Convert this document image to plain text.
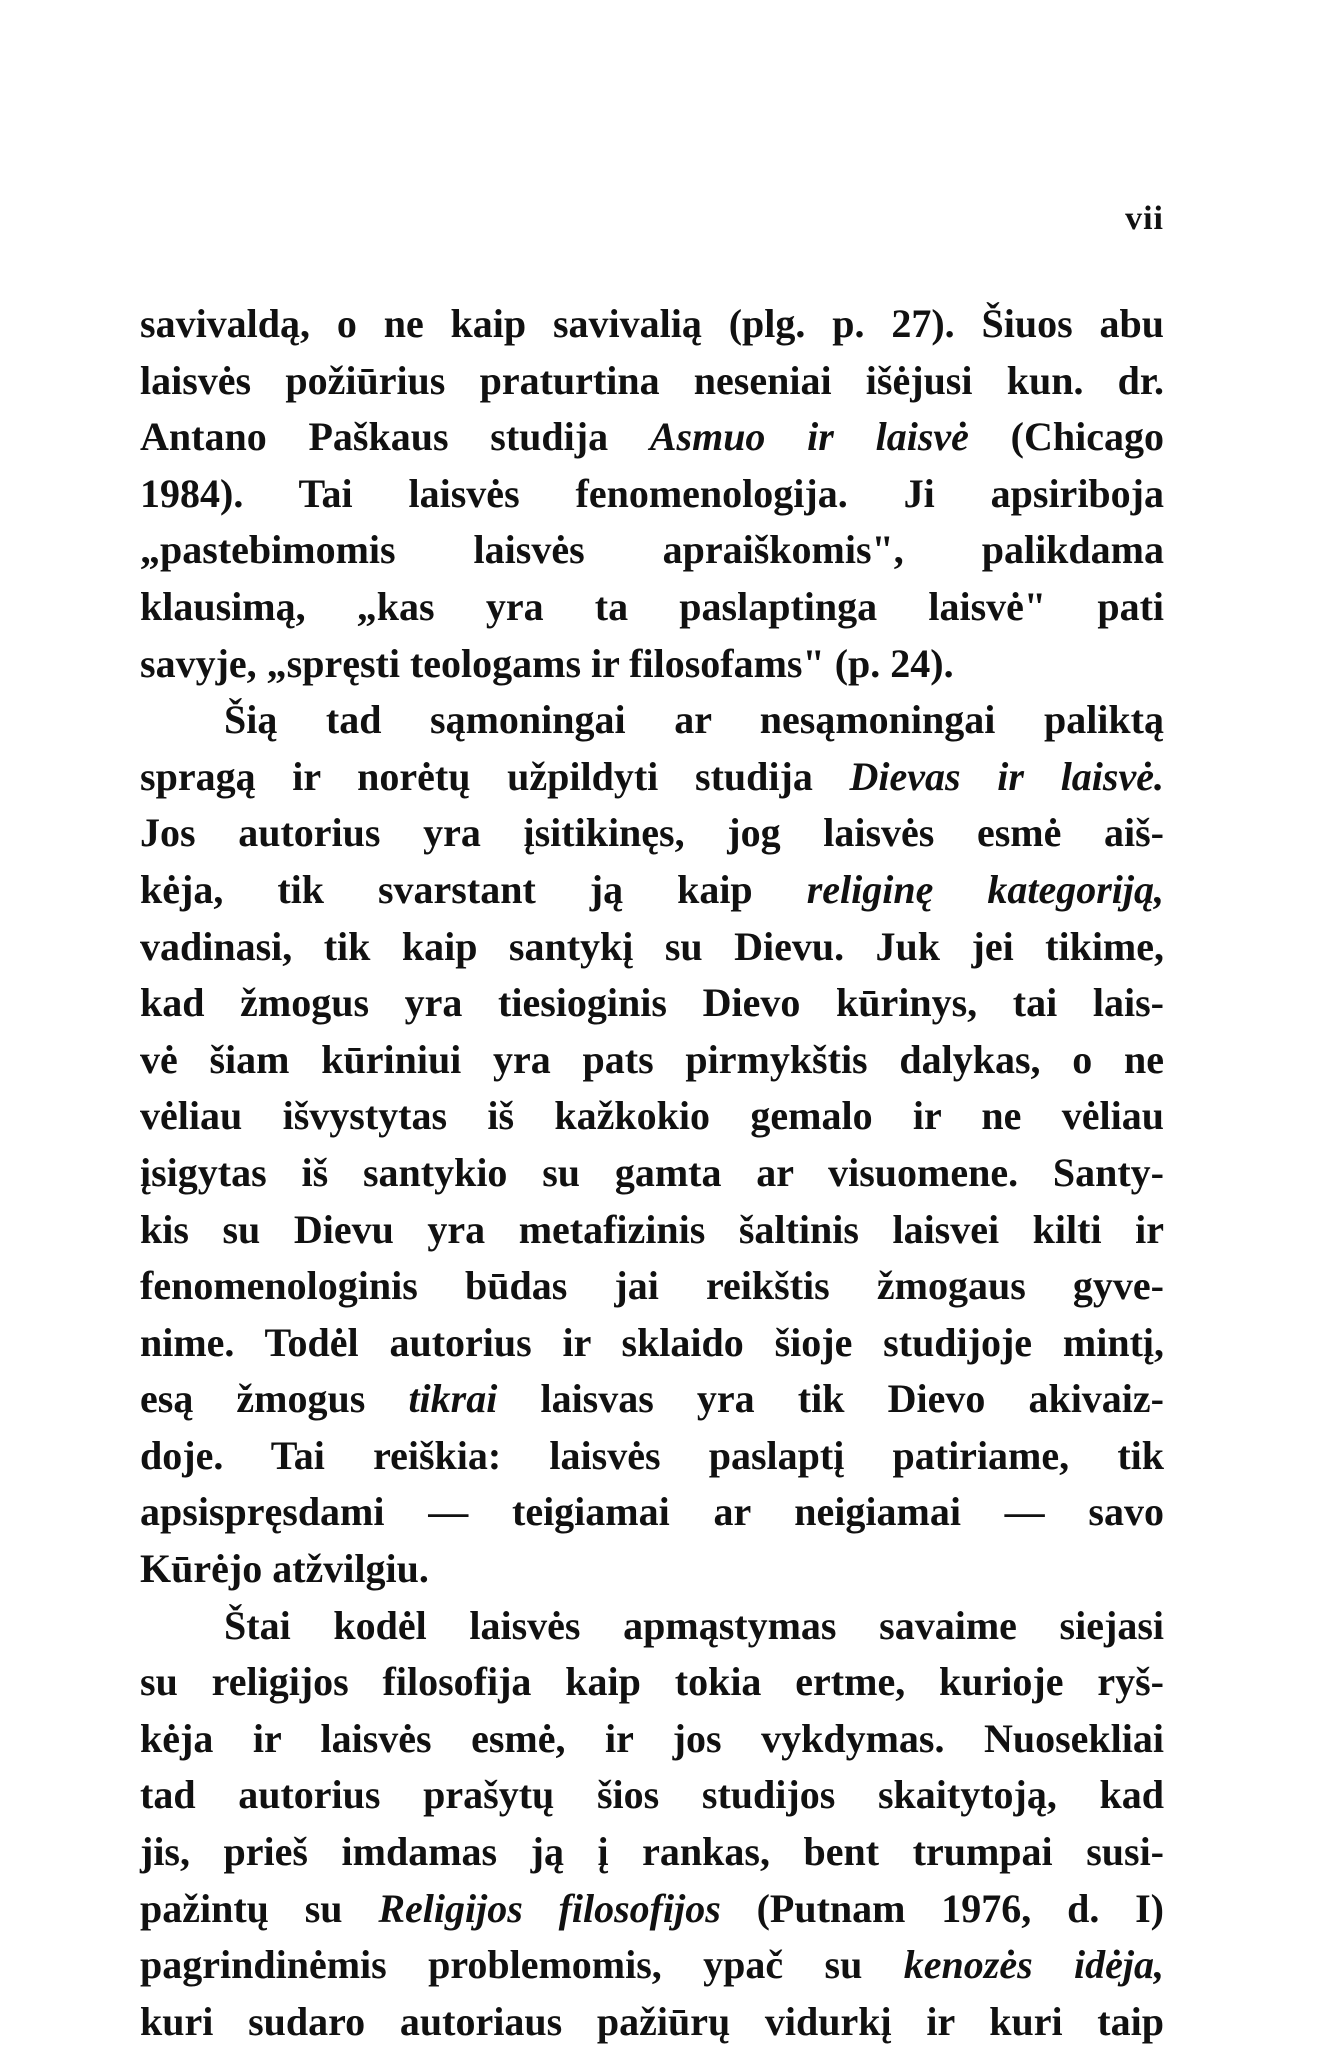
vii
savivaldą, o ne kaip savivalią (plg. p. 27). Šiuos abu
laisvės požiūrius praturtina neseniai išėjusi kun. dr.
Antano Paškaus studija Asmuo ir laisvė (Chicago
1984). Tai laisvės fenomenologija. Ji apsiriboja
„pastebimomis laisvės apraiškomis", palikdama
klausimą, „kas yra ta paslaptinga laisvė" pati
savyje, „spręsti teologams ir filosofams" (p. 24).
Šią tad sąmoningai ar nesąmoningai paliktą
spragą ir norėtų užpildyti studija Dievas ir laisvė.
Jos autorius yra įsitikinęs, jog laisvės esmė aiš-
kėja, tik svarstant ją kaip religinę kategoriją,
vadinasi, tik kaip santykį su Dievu. Juk jei tikime,
kad žmogus yra tiesioginis Dievo kūrinys, tai lais-
vė šiam kūriniui yra pats pirmykštis dalykas, o ne
vėliau išvystytas iš kažkokio gemalo ir ne vėliau
įsigytas iš santykio su gamta ar visuomene. Santy-
kis su Dievu yra metafizinis šaltinis laisvei kilti ir
fenomenologinis būdas jai reikštis žmogaus gyve-
nime. Todėl autorius ir sklaido šioje studijoje mintį,
esą žmogus tikrai laisvas yra tik Dievo akivaiz-
doje. Tai reiškia: laisvės paslaptį patiriame, tik
apsispręsdami — teigiamai ar neigiamai — savo
Kūrėjo atžvilgiu.
Štai kodėl laisvės apmąstymas savaime siejasi
su religijos filosofija kaip tokia ertme, kurioje ryš-
kėja ir laisvės esmė, ir jos vykdymas. Nuosekliai
tad autorius prašytų šios studijos skaitytoją, kad
jis, prieš imdamas ją į rankas, bent trumpai susi-
pažintų su Religijos filosofijos (Putnam 1976, d. I)
pagrindinėmis problemomis, ypač su kenozės idėja,
kuri sudaro autoriaus pažiūrų vidurkį ir kuri taip
